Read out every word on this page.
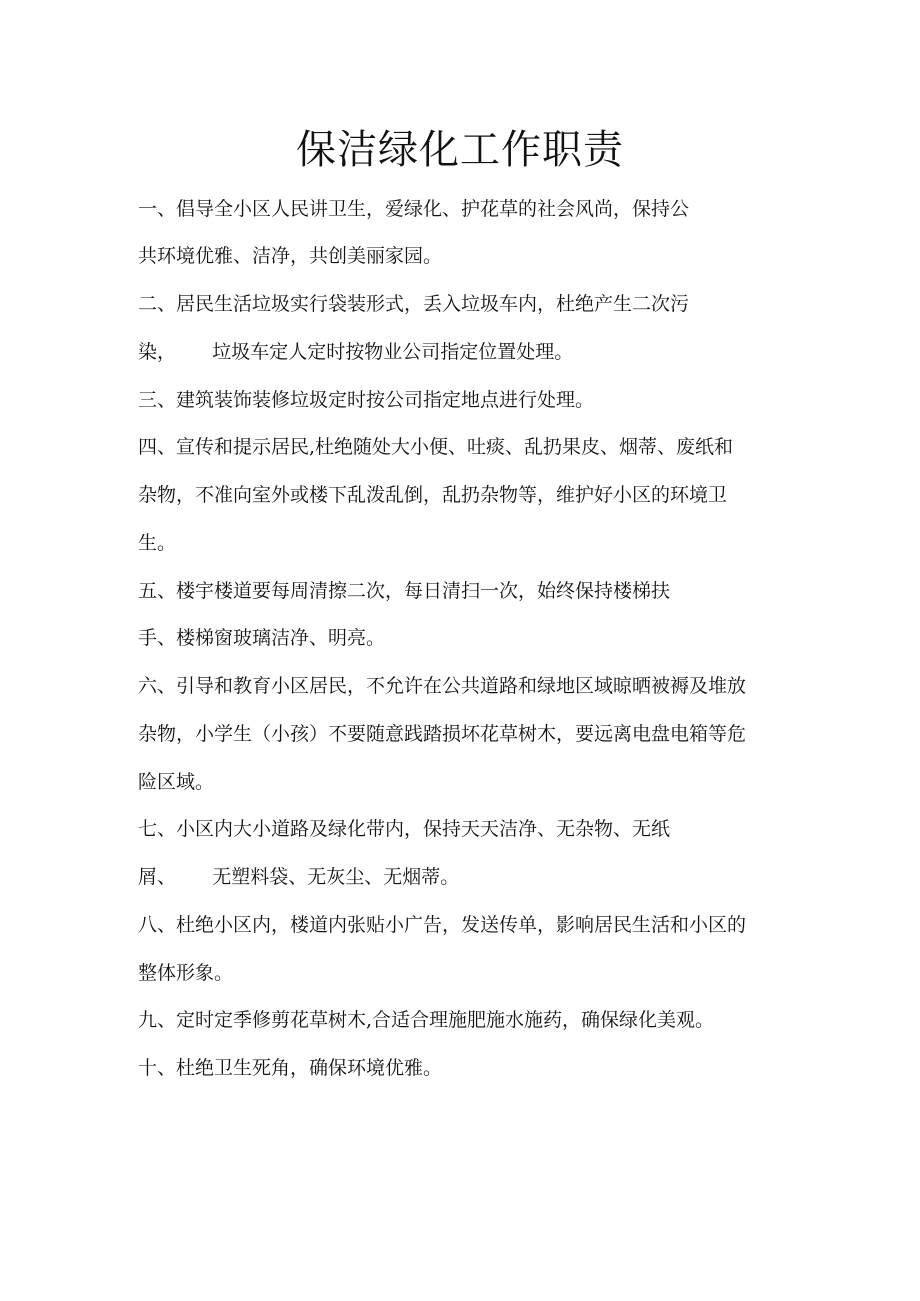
保洁绿化工作职责

一、倡导全小区人民讲卫生，爱绿化、护花草的社会风尚，保持公

共环境优雅、洁净，共创美丽家园。

二、居民生活垃圾实行袋装形式，丢入垃圾车内，杜绝产生二次污

染，      垃圾车定人定时按物业公司指定位置处理。

三、建筑装饰装修垃圾定时按公司指定地点进行处理。

四、宣传和提示居民,杜绝随处大小便、吐痰、乱扔果皮、烟蒂、废纸和

杂物，不准向室外或楼下乱泼乱倒，乱扔杂物等，维护好小区的环境卫

生。

五、楼宇楼道要每周清擦二次，每日清扫一次，始终保持楼梯扶

手、楼梯窗玻璃洁净、明亮。

六、引导和教育小区居民，不允许在公共道路和绿地区域晾晒被褥及堆放

杂物，小学生（小孩）不要随意践踏损坏花草树木，要远离电盘电箱等危

险区域。

七、小区内大小道路及绿化带内，保持天天洁净、无杂物、无纸

屑、      无塑料袋、无灰尘、无烟蒂。

八、杜绝小区内，楼道内张贴小广告，发送传单，影响居民生活和小区的

整体形象。

九、定时定季修剪花草树木,合适合理施肥施水施药，确保绿化美观。

十、杜绝卫生死角，确保环境优雅。
